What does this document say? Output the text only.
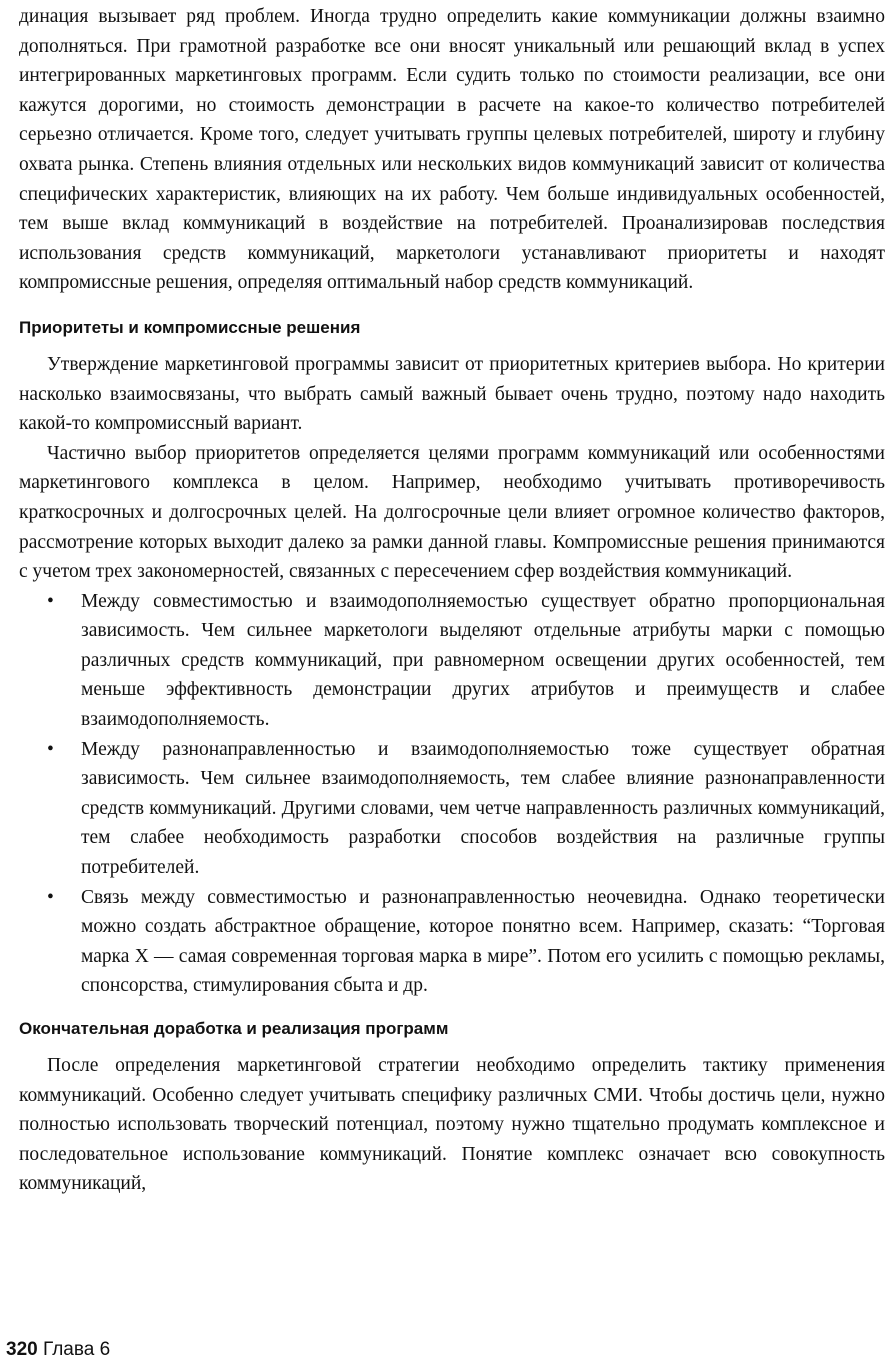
динация вызывает ряд проблем. Иногда трудно определить какие коммуникации должны взаимно дополняться. При грамотной разработке все они вносят уникальный или решающий вклад в успех интегрированных маркетинговых программ. Если судить только по стоимости реализации, все они кажутся дорогими, но стоимость демонстрации в расчете на какое-то количество потребителей серьезно отличается. Кроме того, следует учитывать группы целевых потребителей, широту и глубину охвата рынка. Степень влияния отдельных или нескольких видов коммуникаций зависит от количества специфических характеристик, влияющих на их работу. Чем больше индивидуальных особенностей, тем выше вклад коммуникаций в воздействие на потребителей. Проанализировав последствия использования средств коммуникаций, маркетологи устанавливают приоритеты и находят компромиссные решения, определяя оптимальный набор средств коммуникаций.

Приоритеты и компромиссные решения

Утверждение маркетинговой программы зависит от приоритетных критериев выбора. Но критерии насколько взаимосвязаны, что выбрать самый важный бывает очень трудно, поэтому надо находить какой-то компромиссный вариант.

Частично выбор приоритетов определяется целями программ коммуникаций или особенностями маркетингового комплекса в целом. Например, необходимо учитывать противоречивость краткосрочных и долгосрочных целей. На долгосрочные цели влияет огромное количество факторов, рассмотрение которых выходит далеко за рамки данной главы. Компромиссные решения принимаются с учетом трех закономерностей, связанных с пересечением сфер воздействия коммуникаций.

• Между совместимостью и взаимодополняемостью существует обратно пропорциональная зависимость. Чем сильнее маркетологи выделяют отдельные атрибуты марки с помощью различных средств коммуникаций, при равномерном освещении других особенностей, тем меньше эффективность демонстрации других атрибутов и преимуществ и слабее взаимодополняемость.
• Между разнонаправленностью и взаимодополняемостью тоже существует обратная зависимость. Чем сильнее взаимодополняемость, тем слабее влияние разнонаправленности средств коммуникаций. Другими словами, чем четче направленность различных коммуникаций, тем слабее необходимость разработки способов воздействия на различные группы потребителей.
• Связь между совместимостью и разнонаправленностью неочевидна. Однако теоретически можно создать абстрактное обращение, которое понятно всем. Например, сказать: “Торговая марка X — самая современная торговая марка в мире”. Потом его усилить с помощью рекламы, спонсорства, стимулирования сбыта и др.
Окончательная доработка и реализация программ

После определения маркетинговой стратегии необходимо определить тактику применения коммуникаций. Особенно следует учитывать специфику различных СМИ. Чтобы достичь цели, нужно полностью использовать творческий потенциал, поэтому нужно тщательно продумать комплексное и последовательное использование коммуникаций. Понятие комплекс означает всю совокупность коммуникаций,

320 Глава 6
